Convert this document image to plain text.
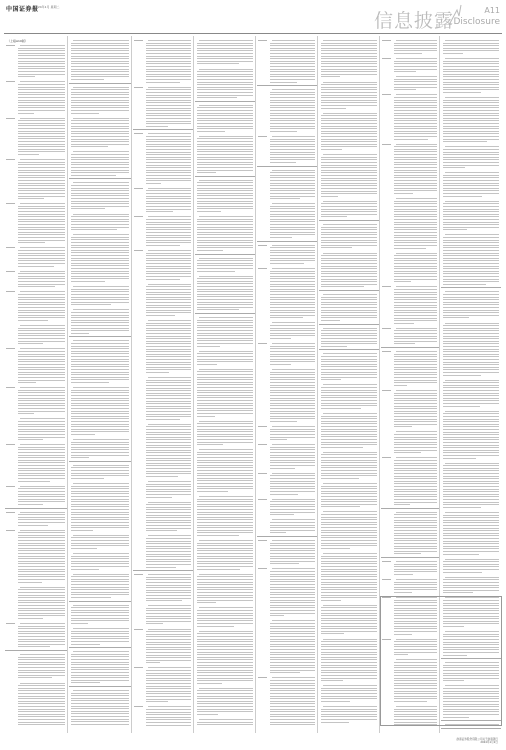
中国证券报
2024年1月 星期二
信息披露	A11
Disclosure
（上接A10版）
浙商证券股份有限公司关于浙商银行
2024年1月2日
